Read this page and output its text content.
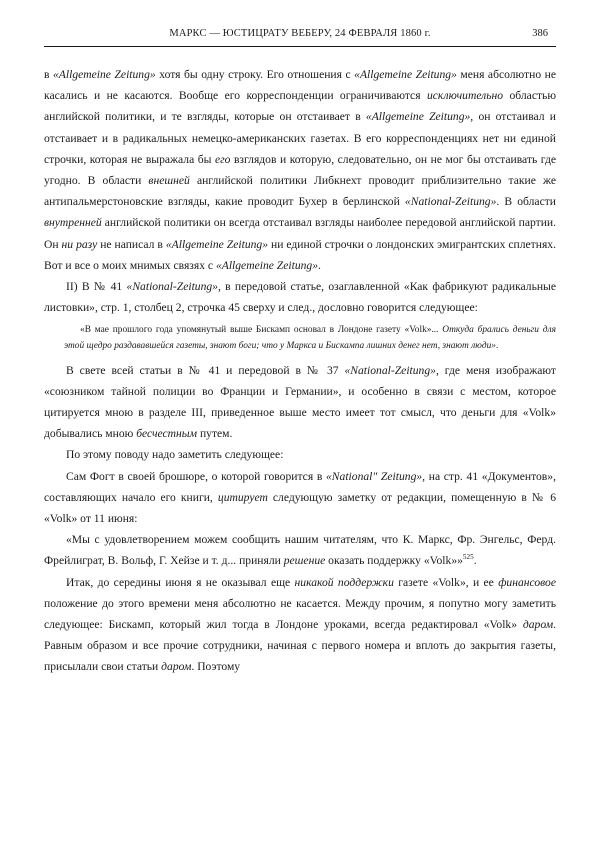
МАРКС — ЮСТИЦРАТУ ВЕБЕРУ, 24 ФЕВРАЛЯ 1860 г.	386

в «Allgemeine Zeitung» хотя бы одну строку. Его отношения с «Allgemeine Zeitung» меня абсолютно не касались и не касаются. Вообще его корреспонденции ограничиваются исключительно областью английской политики, и те взгляды, которые он отстаивает в «Allgemeine Zeitung», он отстаивал и отстаивает и в радикальных немецко-американских газетах. В его корреспонденциях нет ни единой строчки, которая не выражала бы его взглядов и которую, следовательно, он не мог бы отстаивать где угодно. В области внешней английской политики Либкнехт проводит приблизительно такие же антипальмерстоновские взгляды, какие проводит Бухер в берлинской «National-Zeitung». В области внутренней английской политики он всегда отстаивал взгляды наиболее передовой английской партии. Он ни разу не написал в «Allgemeine Zeitung» ни единой строчки о лондонских эмигрантских сплетнях. Вот и все о моих мнимых связях с «Allgemeine Zeitung».

II) В № 41 «National-Zeitung», в передовой статье, озаглавленной «Как фабрикуют радикальные листовки», стр. 1, столбец 2, строчка 45 сверху и след., дословно говорится следующее:

«В мае прошлого года упомянутый выше Бискамп основал в Лондоне газету «Volk»... Откуда брались деньги для этой щедро раздававшейся газеты, знают боги; что у Маркса и Бискампа лишних денег нет, знают люди».

В свете всей статьи в № 41 и передовой в № 37 «National-Zeitung», где меня изображают «союзником тайной полиции во Франции и Германии», и особенно в связи с местом, которое цитируется мною в разделе III, приведенное выше место имеет тот смысл, что деньги для «Volk» добывались мною бесчестным путем.

По этому поводу надо заметить следующее:

Сам Фогт в своей брошюре, о которой говорится в «National" Zeitung», на стр. 41 «Документов», составляющих начало его книги, цитирует следующую заметку от редакции, помещенную в № 6 «Volk» от 11 июня:

«Мы с удовлетворением можем сообщить нашим читателям, что К. Маркс, Фр. Энгельс, Ферд. Фрейлиграт, В. Вольф, Г. Хейзе и т. д... приняли решение оказать поддержку «Volk»»$^{525}$.

Итак, до середины июня я не оказывал еще никакой поддержки газете «Volk», и ее финансовое положение до этого времени меня абсолютно не касается. Между прочим, я попутно могу заметить следующее: Бискамп, который жил тогда в Лондоне уроками, всегда редактировал «Volk» даром. Равным образом и все прочие сотрудники, начиная с первого номера и вплоть до закрытия газеты, присылали свои статьи даром. Поэтому
